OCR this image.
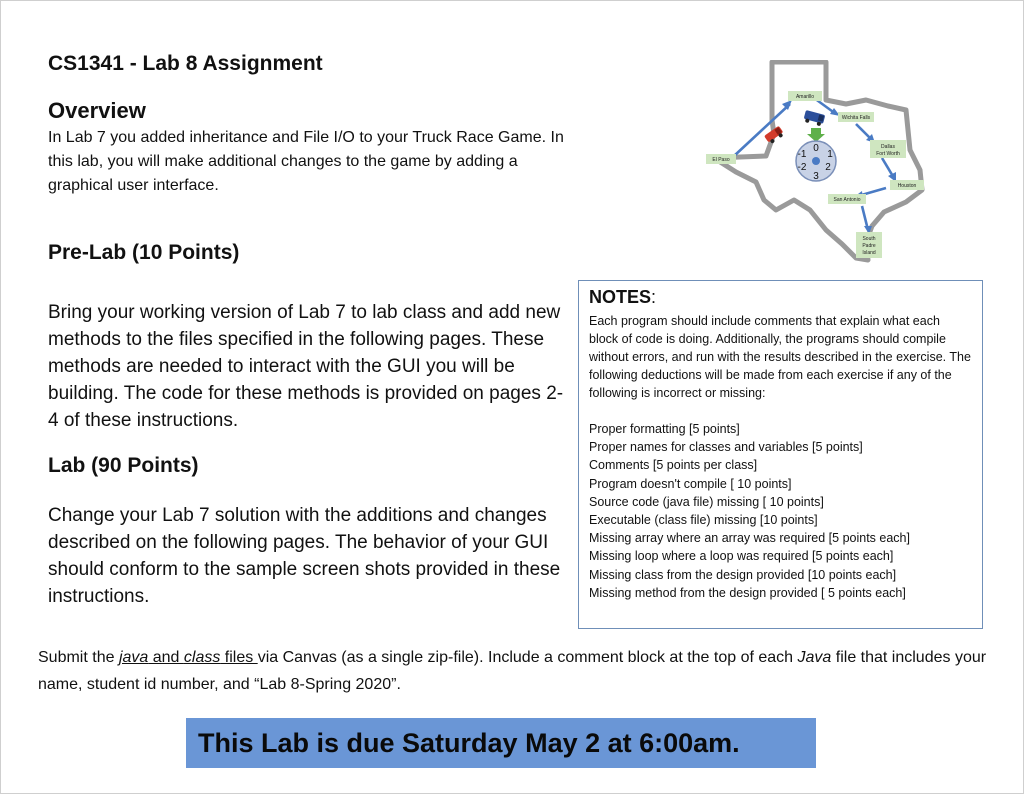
CS1341 - Lab 8 Assignment
Overview

In Lab 7 you added inheritance and File I/O to your Truck Race Game. In this lab, you will make additional changes to the game by adding a graphical user interface.

Amarillo
Wichita Falls
Dallas
Fort Worth
El Paso
Houston
San Antonio
South
Padre
Island
0
1
2
3
-2
-1
Pre-Lab (10 Points)

Bring your working version of Lab 7 to lab class and add new methods to the files specified in the following pages. These methods are needed to interact with the GUI you will be building. The code for these methods is provided on pages 2-4 of these instructions.

Lab (90 Points)

Change your Lab 7 solution with the additions and changes described on the following pages. The behavior of your GUI should conform to the sample screen shots provided in these instructions.

NOTES:

Each program should include comments that explain what each block of code is doing. Additionally, the programs should compile without errors, and run with the results described in the exercise. The following deductions will be made from each exercise if any of the following is incorrect or missing:

Proper formatting [5 points]
Proper names for classes and variables [5 points]
Comments [5 points per class]
Program doesn't compile [ 10 points]
Source code (java file) missing [ 10 points]
Executable (class file) missing [10 points]
Missing array where an array was required [5 points each]
Missing loop where a loop was required [5 points each]
Missing class from the design provided [10 points each]
Missing method from the design provided [ 5 points each]

Submit the java and class files via Canvas (as a single zip-file). Include a comment block at the top of each Java file that includes your name, student id number, and “Lab 8-Spring 2020”.

This Lab is due Saturday May 2 at 6:00am.
